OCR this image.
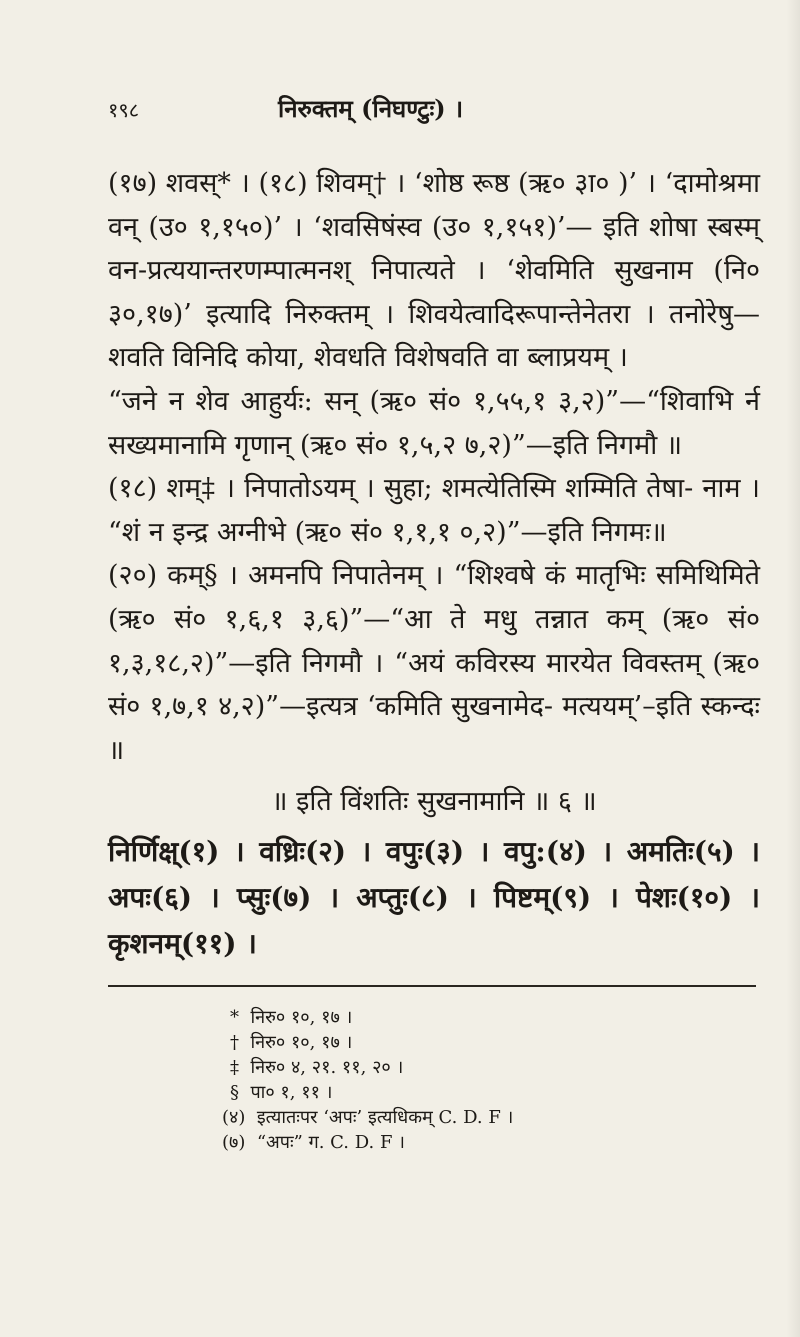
१९८	निरुक्तम् (निघण्टुः) ।

(१७) शवस्* । (१८) शिवम्† । ‘शोष्ठ रूष्ठ (ऋ० ३ा० )’ । ‘दामोश्रमा वन् (उ० १,१५०)’ । ‘शवसिषंस्व (उ० १,१५१)’— इति शोषा स्बस्म् वन-प्रत्ययान्तरणम्पात्मनश् निपात्यते । ‘शेवमिति सुखनाम (नि० ३०,१७)’ इत्यादि निरुक्तम् । शिवयेत्वादिरूपान्तेनेतरा । तनोरेषु—शवति विनिदि कोया, शेवधति विशेषवति वा ब्लाप्रयम् ।

“जने न शेव आहुर्यः: सन् (ऋ० सं० १,५५,१ ३,२)”—“शिवाभि र्न सख्यमानामि गृणान् (ऋ० सं० १,५,२ ७,२)”—इति निगमौ ॥

(१८) शम्‡ । निपातोऽयम् । सुहा; शमत्येतिस्मि शम्मिति तेषा- नाम । “शं न इन्द्र अग्नीभे (ऋ० सं० १,१,१ ०,२)”—इति निगमः॥

(२०) कम्§ । अमनपि निपातेनम् । “शिश्वषे कं मातृभिः समिथिमिते (ऋ० सं० १,६,१ ३,६)”—“आ ते मधु तन्नात कम् (ऋ० सं० १,३,१८,२)”—इति निगमौ । “अयं कविरस्य मारयेत विवस्तम् (ऋ० सं० १,७,१ ४,२)”—इत्यत्र ‘कमिति सुखनामेद- मत्ययम्’–इति स्कन्दः ॥

॥ इति विंशतिः सुखनामानि ॥ ६ ॥
निर्णिक्ष्(१) । वध्रिः(२) । वपुः(३) । वपु:(४) । अमतिः(५) । अपः(६) । प्सुः(७) । अप्तुः(८) । पिष्टम्(९) । पेशः(१०) । कृशनम्(११) ।
*  निरु० १०, १७ ।
†  निरु० १०, १७ ।
‡  निरु० ४, २१. ११, २० ।
§  पा० १, ११ ।
(४)  इत्यातःपर ‘अपः’ इत्यधिकम् C. D. F ।
(७)  “अपः” ग. C. D. F ।
